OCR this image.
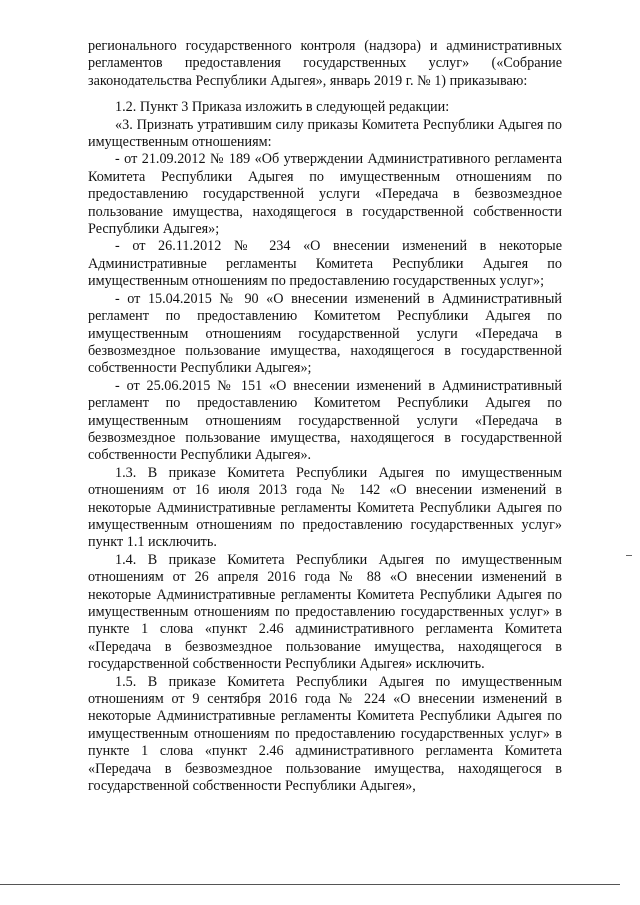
регионального государственного контроля (надзора) и административных регламентов предоставления государственных услуг» («Собрание законодательства Республики Адыгея», январь 2019 г. № 1) приказываю:

1.2. Пункт 3 Приказа изложить в следующей редакции:

«3. Признать утратившим силу приказы Комитета Республики Адыгея по имущественным отношениям:

- от 21.09.2012 № 189 «Об утверждении Административного регламента Комитета Республики Адыгея по имущественным отношениям по предоставлению государственной услуги «Передача в безвозмездное пользование имущества, находящегося в государственной собственности Республики Адыгея»;

- от 26.11.2012 № 234 «О внесении изменений в некоторые Административные регламенты Комитета Республики Адыгея по имущественным отношениям по предоставлению государственных услуг»;

- от 15.04.2015 № 90 «О внесении изменений в Административный регламент по предоставлению Комитетом Республики Адыгея по имущественным отношениям государственной услуги «Передача в безвозмездное пользование имущества, находящегося в государственной собственности Республики Адыгея»;

- от 25.06.2015 № 151 «О внесении изменений в Административный регламент по предоставлению Комитетом Республики Адыгея по имущественным отношениям государственной услуги «Передача в безвозмездное пользование имущества, находящегося в государственной собственности Республики Адыгея».

1.3. В приказе Комитета Республики Адыгея по имущественным отношениям от 16 июля 2013 года № 142 «О внесении изменений в некоторые Административные регламенты Комитета Республики Адыгея по имущественным отношениям по предоставлению государственных услуг» пункт 1.1 исключить.

1.4. В приказе Комитета Республики Адыгея по имущественным отношениям от 26 апреля 2016 года № 88 «О внесении изменений в некоторые Административные регламенты Комитета Республики Адыгея по имущественным отношениям по предоставлению государственных услуг» в пункте 1 слова «пункт 2.46 административного регламента Комитета «Передача в безвозмездное пользование имущества, находящегося в государственной собственности Республики Адыгея» исключить.

1.5. В приказе Комитета Республики Адыгея по имущественным отношениям от 9 сентября 2016 года № 224 «О внесении изменений в некоторые Административные регламенты Комитета Республики Адыгея по имущественным отношениям по предоставлению государственных услуг» в пункте 1 слова «пункт 2.46 административного регламента Комитета «Передача в безвозмездное пользование имущества, находящегося в государственной собственности Республики Адыгея»,
